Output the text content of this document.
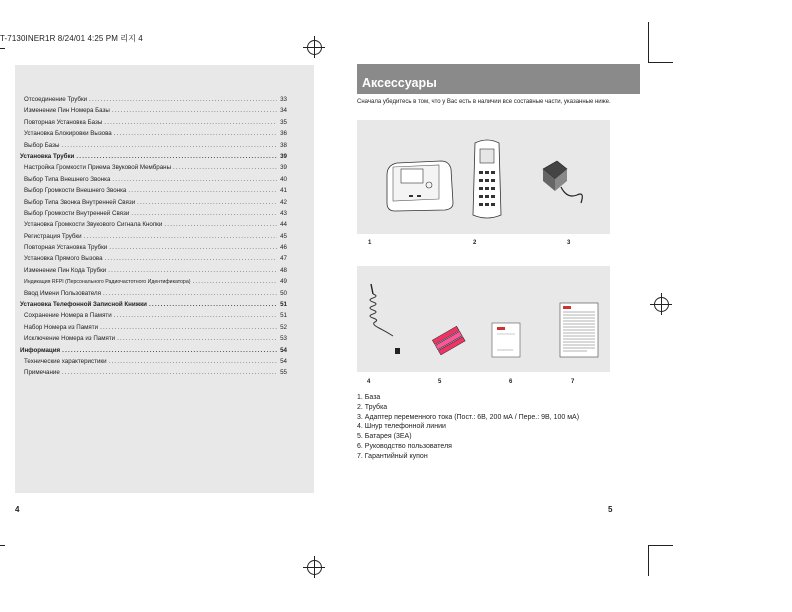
T-7130INER1R 8/24/01 4:25 PM 리지 4
Отсоединение Трубки .....	33
Изменение Пин Номера Базы .....	34
Повторная Установка Базы .....	35
Установка Блокировки Вызова .....	36
Выбор Базы .....	38
Установка Трубки .....	39
Настройка Громкости Приема Звуковой Мембраны .....	39
Выбор Типа Внешнего Звонка .....	40
Выбор Громкости Внешнего Звонка .....	41
Выбор Типа Звонка Внутренней Связи .....	42
Выбор Громкости Внутренней Связи .....	43
Установка Громкости Звукового Сигнала Кнопки .....	44
Регистрация Трубки .....	45
Повторная Установка Трубки .....	46
Установка Прямого Вызова .....	47
Изменение Пин Кода Трубки .....	48
Индикация RFPI (Персонального Радиочастотного Идентификатора) .....	49
Ввод Имени Пользователя .....	50
Установка Телефонной Записной Книжки .....	51
Сохранение Номера в Памяти .....	51
Набор Номера из Памяти .....	52
Исключение Номера из Памяти .....	53
Информация .....	54
Технические характеристики .....	54
Примечание .....	55
4
Аксессуары
Сначала убедитесь в том, что у Вас есть в наличии все составные части, указанные ниже.
1	2	3
4	5	6	7
1. База
2. Трубка
3. Адаптер переменного тока (Пост.: 6В, 200 мА / Пере.: 9В, 100 мА)
4. Шнур телефонной линии
5. Батарея (3ЕА)
6. Руководство пользователя
7. Гарантийный купон
5
